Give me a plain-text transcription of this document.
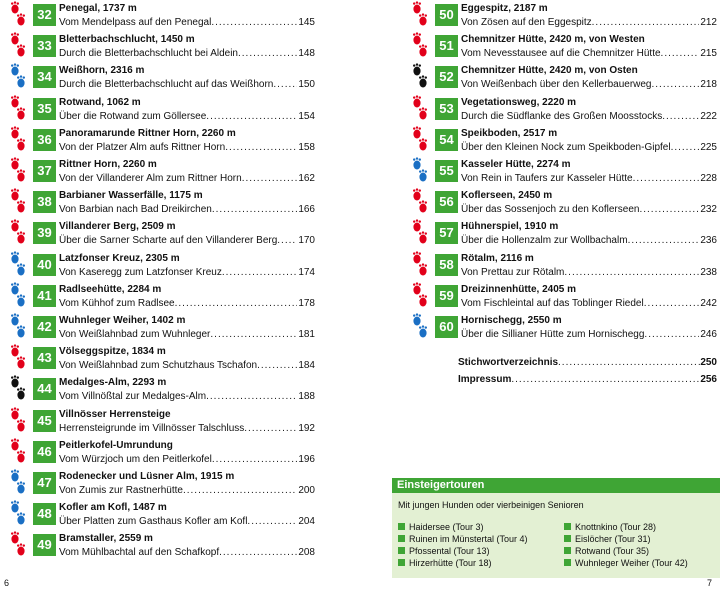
32 Penegal, 1737 m
Vom Mendelpass auf den Penegal .....	145
33 Bletterbachschlucht, 1450 m
Durch die Bletterbachschlucht bei Aldein .....	148
34 Weißhorn, 2316 m
Durch die Bletterbachschlucht auf das Weißhorn ..... 150
35 Rotwand, 1062 m
Über die Rotwand zum Göllersee .....	154
36 Panoramarunde Rittner Horn, 2260 m
Von der Platzer Alm aufs Rittner Horn .....	158
37 Rittner Horn, 2260 m
Von der Villanderer Alm zum Rittner Horn .....	162
38 Barbianer Wasserfälle, 1175 m
Von Barbian nach Bad Dreikirchen .....	166
39 Villanderer Berg, 2509 m
Über die Sarner Scharte auf den Villanderer Berg ..... 170
40 Latzfonser Kreuz, 2305 m
Von Kaseregg zum Latzfonser Kreuz .....	174
41 Radlseehütte, 2284 m
Vom Kühhof zum Radlsee .....	178
42 Wuhnleger Weiher, 1402 m
Von Weißlahnbad zum Wuhnleger .....	181
43 Völseggspitze, 1834 m
Von Weißlahnbad zum Schutzhaus Tschafon .....	184
44 Medalges-Alm, 2293 m
Vom Villnößtal zur Medalges-Alm .....	188
45 Villnösser Herrensteige
Herrensteigrunde im Villnösser Talschluss .....	192
46 Peitlerkofel-Umrundung
Vom Würzjoch um den Peitlerkofel .....	196
47 Rodenecker und Lüsner Alm, 1915 m
Von Zumis zur Rastnerhütte .....	200
48 Kofler am Kofl, 1487 m
Über Platten zum Gasthaus Kofler am Kofl .....	204
49 Bramstaller, 2559 m
Vom Mühlbachtal auf den Schafkopf .....	208
50 Eggespitz, 2187 m
Von Zösen auf den Eggespitz .....	212
51 Chemnitzer Hütte, 2420 m, von Westen
Vom Nevesstausee auf die Chemnitzer Hütte .....	215
52 Chemnitzer Hütte, 2420 m, von Osten
Von Weißenbach über den Kellerbauerweg .....	218
53 Vegetationsweg, 2220 m
Durch die Südflanke des Großen Moosstocks .....	222
54 Speikboden, 2517 m
Über den Kleinen Nock zum Speikboden-Gipfel .....	225
55 Kasseler Hütte, 2274 m
Von Rein in Taufers zur Kasseler Hütte .....	228
56 Koflerseen, 2450 m
Über das Sossenjoch zu den Koflerseen .....	232
57 Hühnerspiel, 1910 m
Über die Hollenzalm zur Wollbachalm .....	236
58 Rötalm, 2116 m
Von Prettau zur Rötalm .....	238
59 Dreizinnenhütte, 2405 m
Vom Fischleintal auf das Toblinger Riedel .....	242
60 Hornischegg, 2550 m
Über die Sillianer Hütte zum Hornischegg .....	246
Stichwortverzeichnis .....	250
Impressum .....	256
Einsteigertouren
Mit jungen Hunden oder vierbeinigen Senioren
Haidersee (Tour 3)
Ruinen im Münstertal (Tour 4)
Pfossental (Tour 13)
Hirzerhütte (Tour 18)
Knottnkino (Tour 28)
Eislöcher (Tour 31)
Rotwand (Tour 35)
Wuhnleger Weiher (Tour 42)
6	7
